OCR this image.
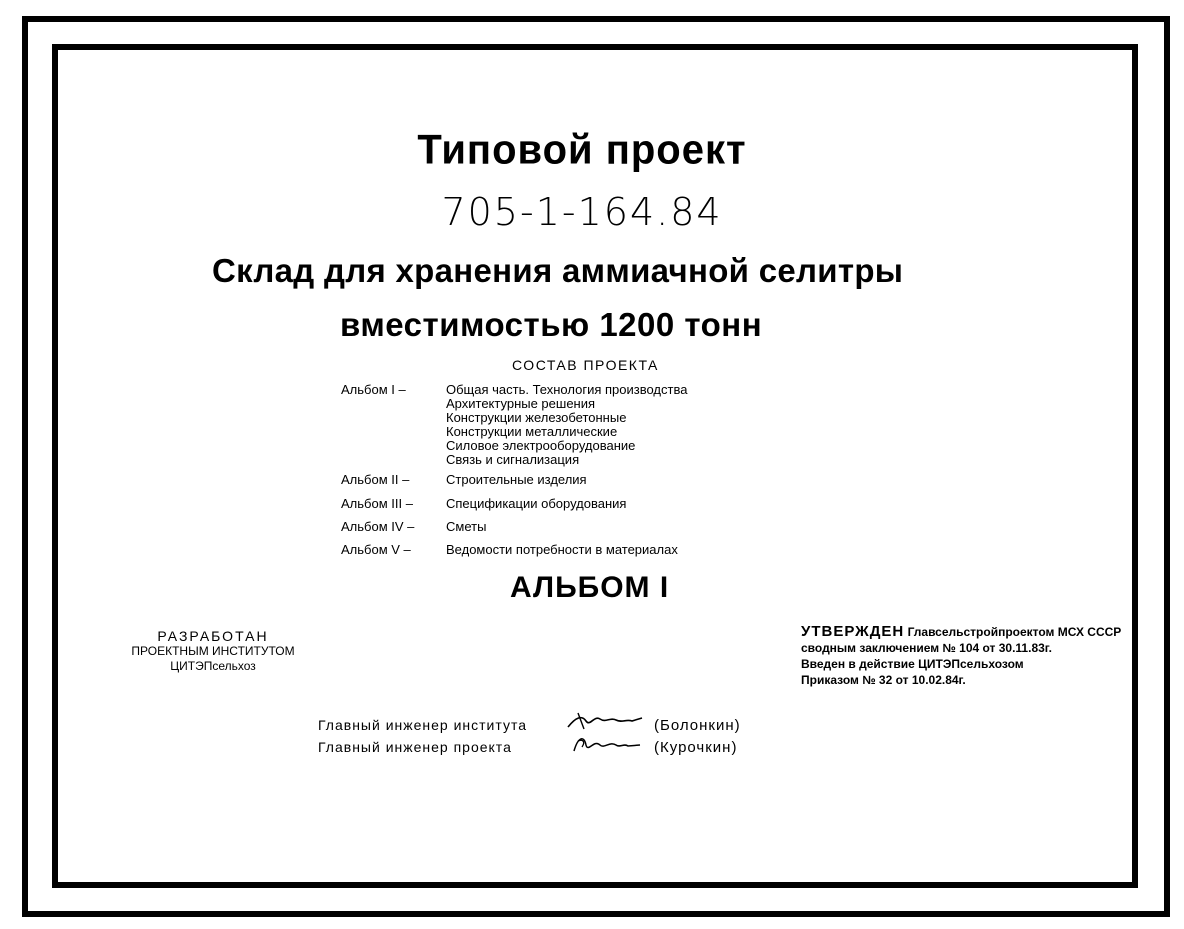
Типовой проект
705-1-164.84
Склад для хранения аммиачной селитры
вместимостью 1200 тонн
СОСТАВ ПРОЕКТА
Альбом I –	Общая часть. Технология производства
Архитектурные решения
Конструкции железобетонные
Конструкции металлические
Силовое электрооборудование
Связь и сигнализация
Альбом II –	Строительные изделия
Альбом III –	Спецификации оборудования
Альбом IV –	Сметы
Альбом V –	Ведомости потребности в материалах
АЛЬБОМ I
РАЗРАБОТАН
ПРОЕКТНЫМ ИНСТИТУТОМ
ЦИТЭПсельхоз
УТВЕРЖДЕН Главсельстройпроектом МСХ СССР
сводным заключением № 104 от 30.11.83г.
Введен в действие ЦИТЭПсельхозом
Приказом № 32 от 10.02.84г.
Главный инженер института	(Болонкин)
Главный инженер проекта	(Курочкин)
